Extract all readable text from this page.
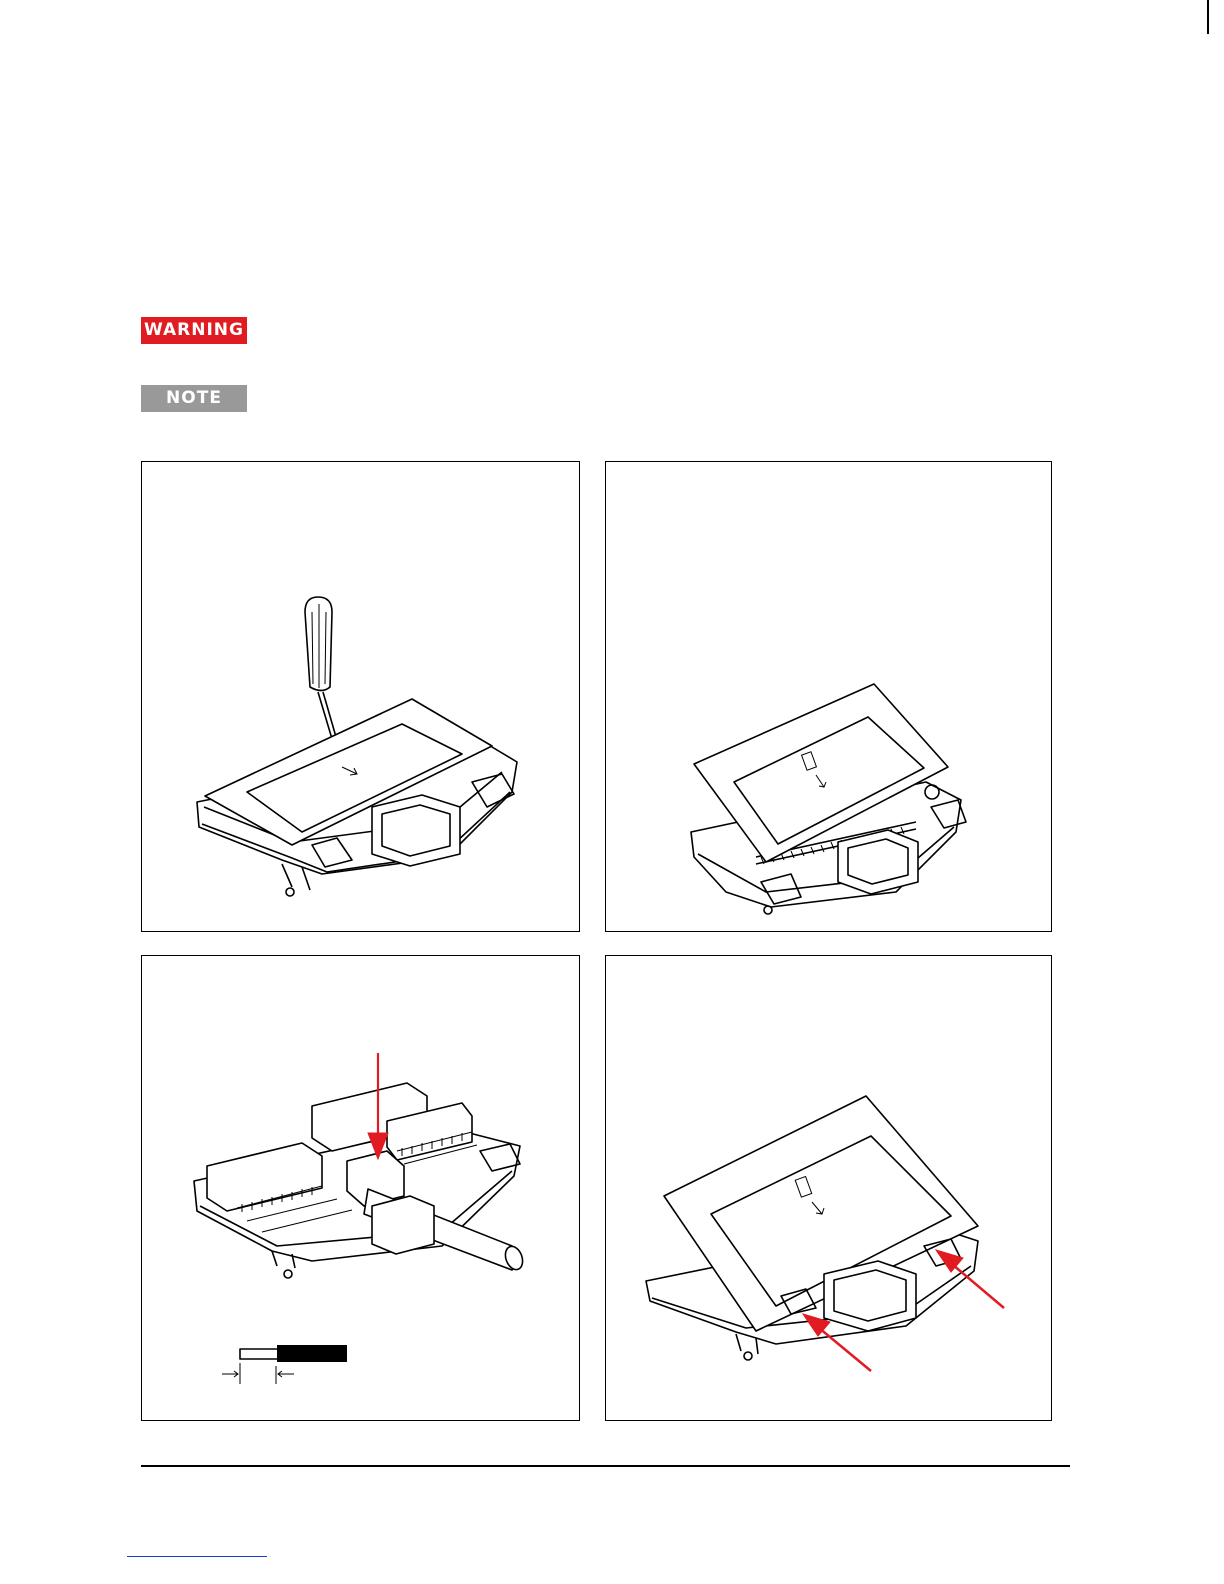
WARNING
NOTE
